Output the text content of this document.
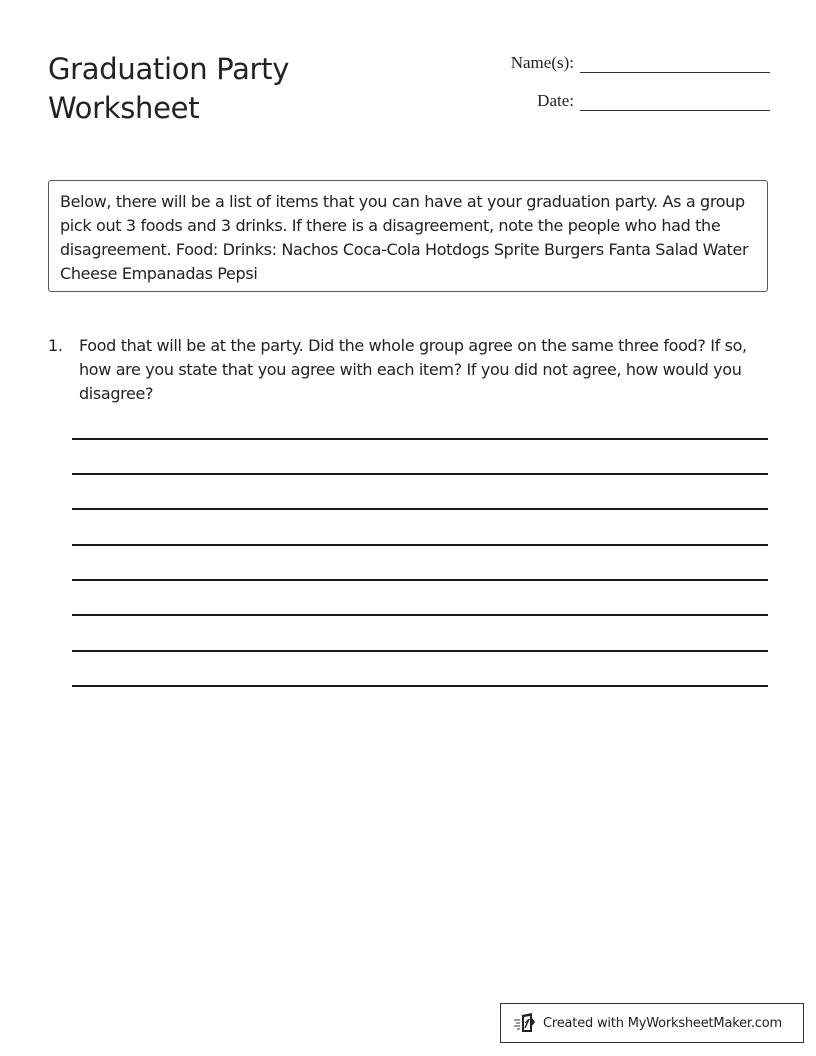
Graduation Party
Worksheet
Name(s):
Date:
Below, there will be a list of items that you can have at your graduation party. As a group pick out 3 foods and 3 drinks. If there is a disagreement, note the people who had the disagreement. Food: Drinks: Nachos Coca-Cola Hotdogs Sprite Burgers Fanta Salad Water Cheese Empanadas Pepsi
1.	Food that will be at the party. Did the whole group agree on the same three food? If so, how are you state that you agree with each item? If you did not agree, how would you disagree?
Created with MyWorksheetMaker.com
